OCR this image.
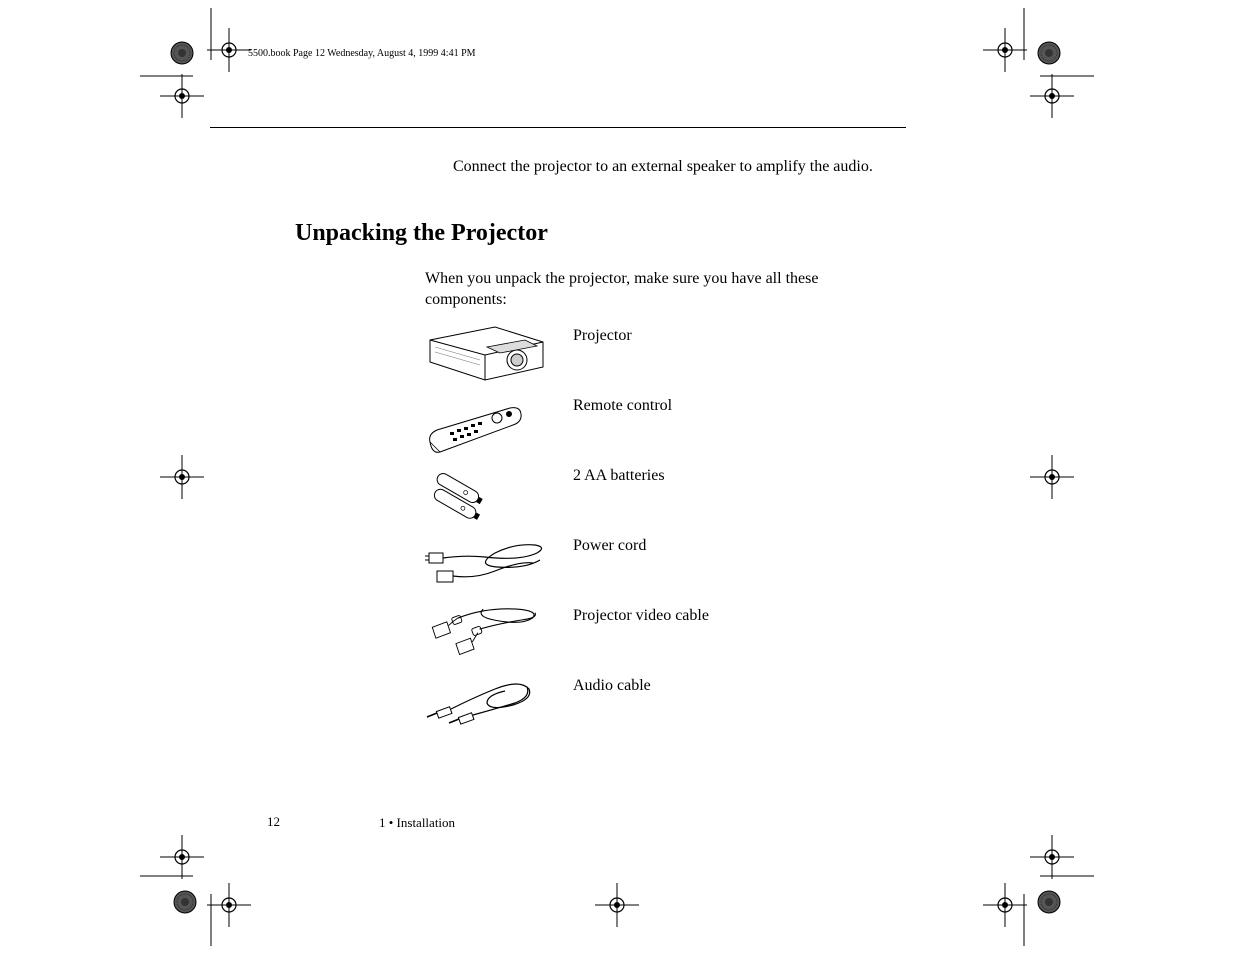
5500.book Page 12 Wednesday, August 4, 1999 4:41 PM
Connect the projector to an external speaker to amplify the audio.
Unpacking the Projector
When you unpack the projector, make sure you have all these components:
Projector
Remote control
2 AA batteries
Power cord
Projector video cable
Audio cable
12	1 • Installation
